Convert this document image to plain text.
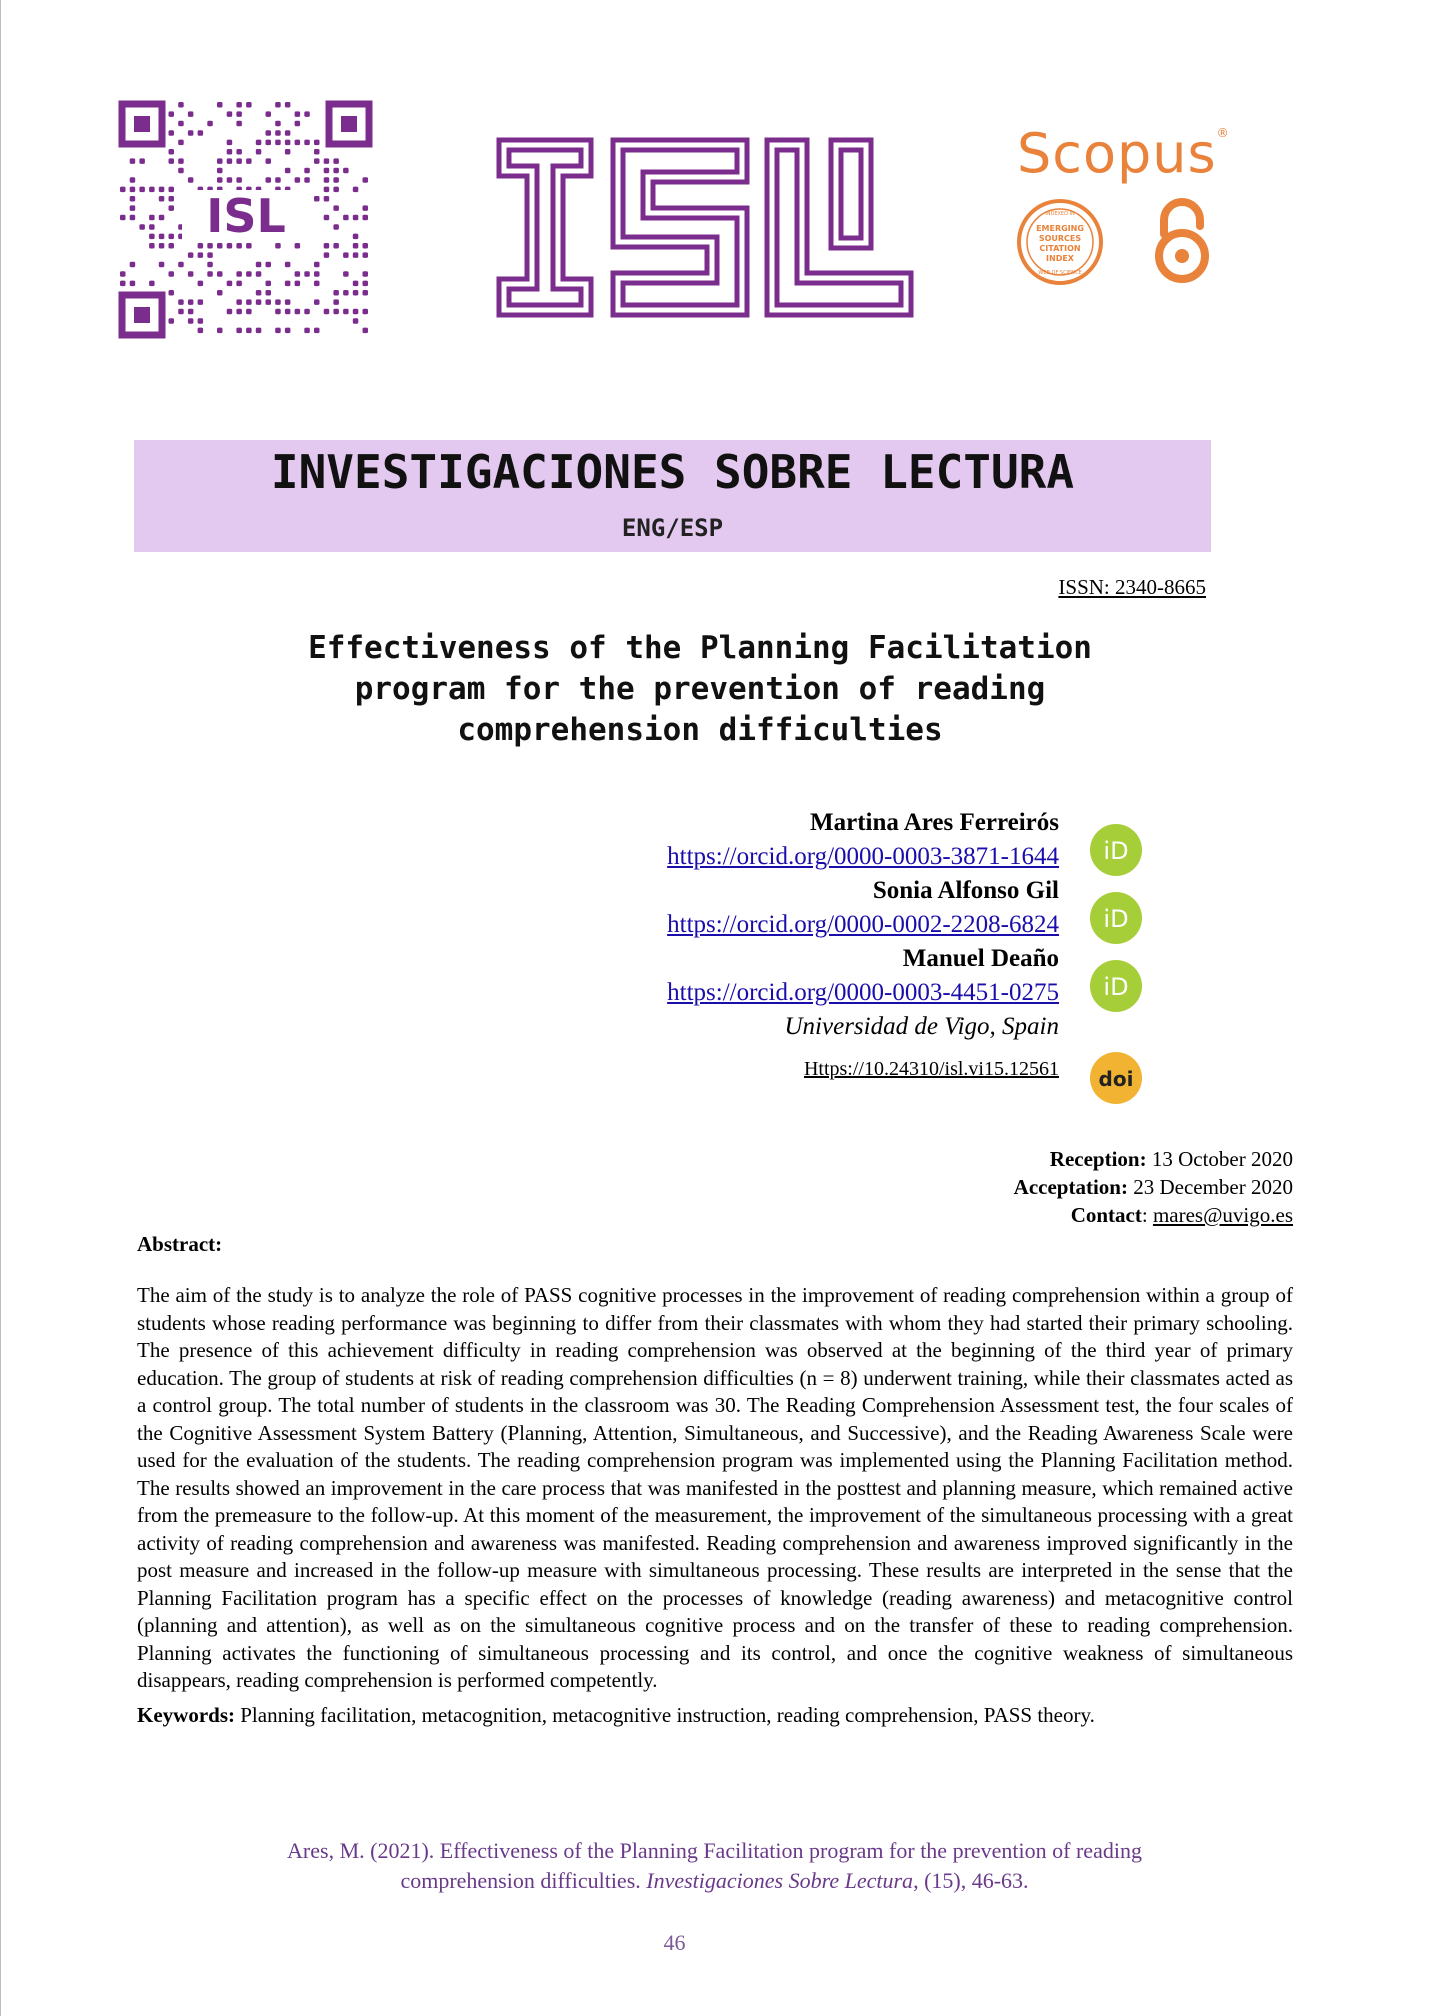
ISL
Scopus®
INDEXED IN
EMERGING
SOURCES
CITATION
INDEX
WEB OF SCIENCE
INVESTIGACIONES SOBRE LECTURA
ENG/ESP
ISSN: 2340-8665
Effectiveness of the Planning Facilitation
program for the prevention of reading
comprehension difficulties
Martina Ares Ferreirós
https://orcid.org/0000-0003-3871-1644
Sonia Alfonso Gil
https://orcid.org/0000-0002-2208-6824
Manuel Deaño
https://orcid.org/0000-0003-4451-0275
Universidad de Vigo, Spain
Https://10.24310/isl.vi15.12561
iD
iD
iD
doi
Reception: 13 October 2020
Acceptation: 23 December 2020
Contact: mares@uvigo.es
Abstract:
The aim of the study is to analyze the role of PASS cognitive processes in the improvement of reading comprehension within a group of students whose reading performance was beginning to differ from their classmates with whom they had started their primary schooling. The presence of this achievement difficulty in reading comprehension was observed at the beginning of the third year of primary education. The group of students at risk of reading comprehension difficulties (n = 8) underwent training, while their classmates acted as a control group. The total number of students in the classroom was 30. The Reading Comprehension Assessment test, the four scales of the Cognitive Assessment System Battery (Planning, Attention, Simultaneous, and Successive), and the Reading Awareness Scale were used for the evaluation of the students. The reading comprehension program was implemented using the Planning Facilitation method. The results showed an improvement in the care process that was manifested in the posttest and planning measure, which remained active from the premeasure to the follow-up. At this moment of the measurement, the improvement of the simultaneous processing with a great activity of reading comprehension and awareness was manifested. Reading comprehension and awareness improved significantly in the post measure and increased in the follow-up measure with simultaneous processing. These results are interpreted in the sense that the Planning Facilitation program has a specific effect on the processes of knowledge (reading awareness) and metacognitive control (planning and attention), as well as on the simultaneous cognitive process and on the transfer of these to reading comprehension. Planning activates the functioning of simultaneous processing and its control, and once the cognitive weakness of simultaneous disappears, reading comprehension is performed competently.
Keywords: Planning facilitation, metacognition, metacognitive instruction, reading comprehension, PASS theory.
Ares, M. (2021). Effectiveness of the Planning Facilitation program for the prevention of reading
comprehension difficulties. Investigaciones Sobre Lectura, (15), 46-63.
46
